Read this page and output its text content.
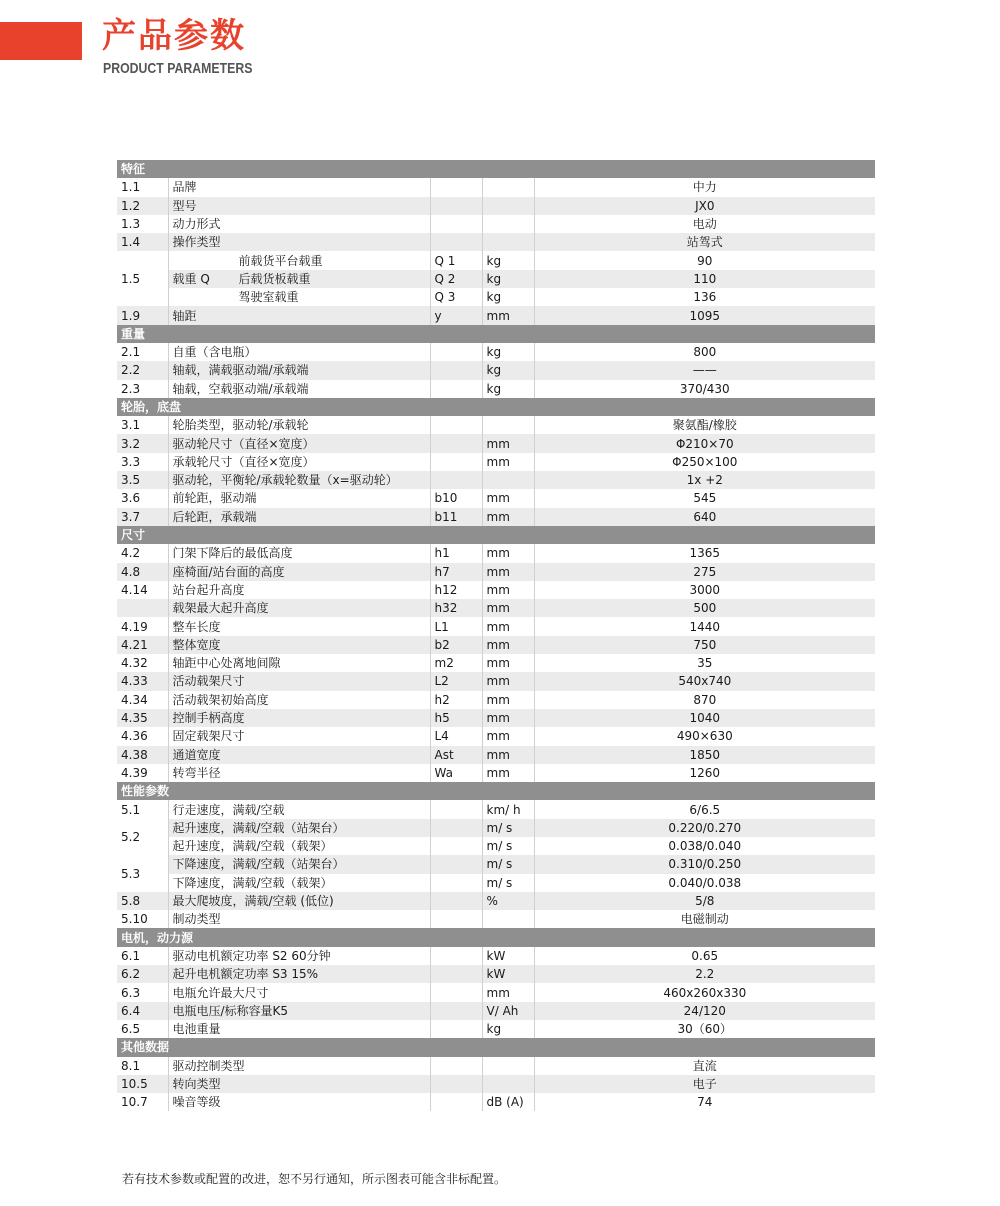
产品参数
PRODUCT PARAMETERS
特征				
1.1	品牌			中力
1.2	型号			JX0
1.3	动力形式			电动
1.4	操作类型			站驾式
1.5	前载货平台载重	Q 1	kg	90

	载重 Q 后载货板载重	Q 2	kg	110
	驾驶室载重	Q 3	kg	136
1.9	轴距	y	mm	1095
重量				
2.1	自重（含电瓶）		kg	800
2.2	轴载，满载驱动端/承载端		kg	——
2.3	轴载，空载驱动端/承载端		kg	370/430
轮胎，底盘				
3.1	轮胎类型，驱动轮/承载轮			聚氨酯/橡胶
3.2	驱动轮尺寸（直径×宽度）		mm	Φ210×70
3.3	承载轮尺寸（直径×宽度）		mm	Φ250×100
3.5	驱动轮，平衡轮/承载轮数量（x=驱动轮）			1x +2
3.6	前轮距，驱动端	b10	mm	545
3.7	后轮距，承载端	b11	mm	640
尺寸				
4.2	门架下降后的最低高度	h1	mm	1365
4.8	座椅面/站台面的高度	h7	mm	275
4.14	站台起升高度	h12	mm	3000
	载架最大起升高度	h32	mm	500
4.19	整车长度	L1	mm	1440
4.21	整体宽度	b2	mm	750
4.32	轴距中心处离地间隙	m2	mm	35
4.33	活动载架尺寸	L2	mm	540x740
4.34	活动载架初始高度	h2	mm	870
4.35	控制手柄高度	h5	mm	1040
4.36	固定载架尺寸	L4	mm	490×630
4.38	通道宽度	Ast	mm	1850
4.39	转弯半径	Wa	mm	1260
性能参数				
5.1	行走速度，满载/空载		km/ h	6/6.5
5.2	起升速度，满载/空载（站架台）		m/ s	0.220/0.270
	起升速度，满载/空载（载架）		m/ s	0.038/0.040
5.3	下降速度，满载/空载（站架台）		m/ s	0.310/0.250
	下降速度，满载/空载（载架）		m/ s	0.040/0.038
5.8	最大爬坡度，满载/空载 (低位)		%	5/8
5.10	制动类型			电磁制动
电机，动力源				
6.1	驱动电机额定功率 S2 60分钟		kW	0.65
6.2	起升电机额定功率 S3 15%		kW	2.2
6.3	电瓶允许最大尺寸		mm	460x260x330
6.4	电瓶电压/标称容量K5		V/ Ah	24/120
6.5	电池重量		kg	30（60）
其他数据				
8.1	驱动控制类型			直流
10.5	转向类型			电子
10.7	噪音等级		dB (A)	74
若有技术参数或配置的改进，恕不另行通知，所示图表可能含非标配置。
